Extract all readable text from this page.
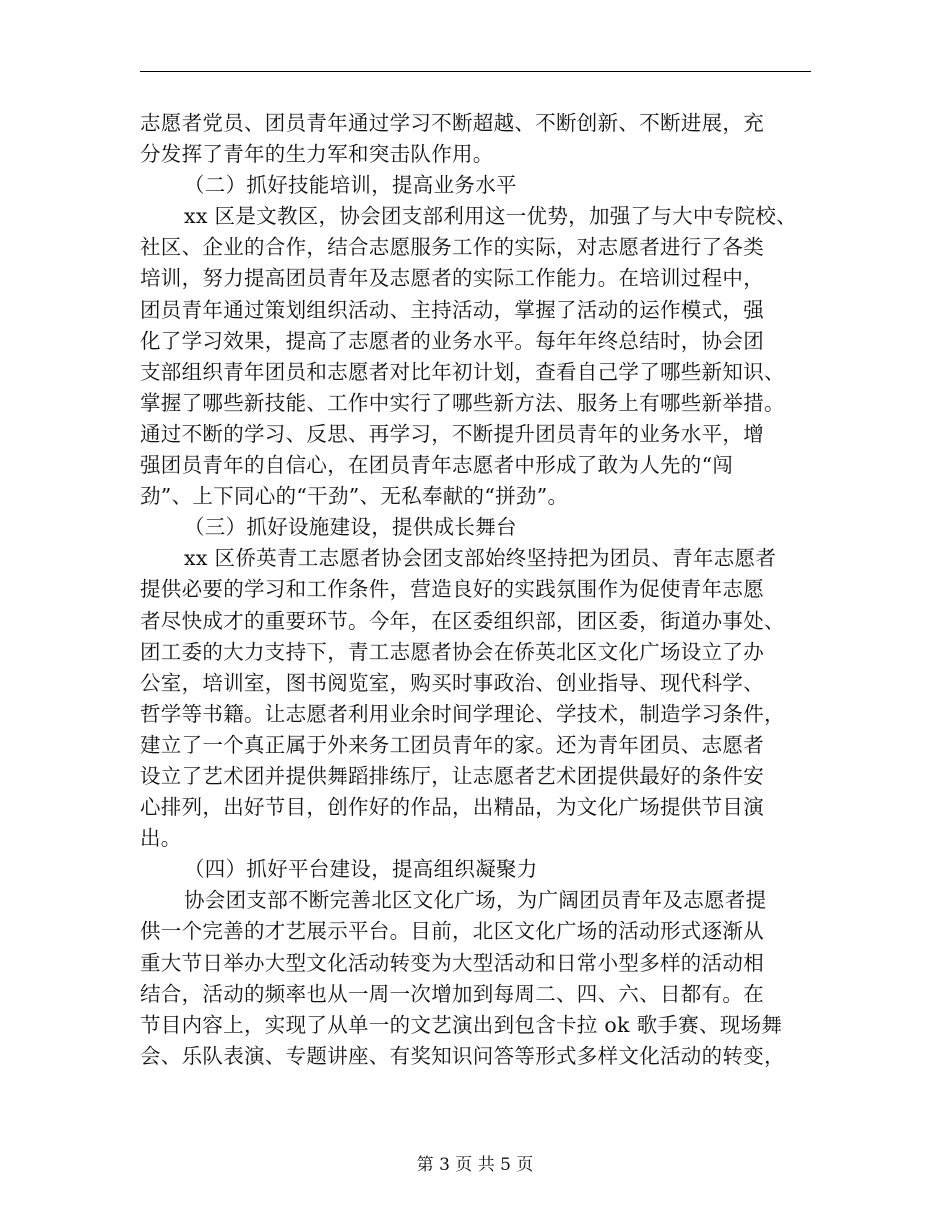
志愿者党员、团员青年通过学习不断超越、不断创新、不断进展，充
分发挥了青年的生力军和突击队作用。
（二）抓好技能培训，提高业务水平
xx 区是文教区，协会团支部利用这一优势，加强了与大中专院校、
社区、企业的合作，结合志愿服务工作的实际，对志愿者进行了各类
培训，努力提高团员青年及志愿者的实际工作能力。在培训过程中，
团员青年通过策划组织活动、主持活动，掌握了活动的运作模式，强
化了学习效果，提高了志愿者的业务水平。每年年终总结时，协会团
支部组织青年团员和志愿者对比年初计划，查看自己学了哪些新知识、
掌握了哪些新技能、工作中实行了哪些新方法、服务上有哪些新举措。
通过不断的学习、反思、再学习，不断提升团员青年的业务水平，增
强团员青年的自信心，在团员青年志愿者中形成了敢为人先的“闯
劲”、上下同心的“干劲”、无私奉献的“拼劲”。
（三）抓好设施建设，提供成长舞台
xx 区侨英青工志愿者协会团支部始终坚持把为团员、青年志愿者
提供必要的学习和工作条件，营造良好的实践氛围作为促使青年志愿
者尽快成才的重要环节。今年，在区委组织部，团区委，街道办事处、
团工委的大力支持下，青工志愿者协会在侨英北区文化广场设立了办
公室，培训室，图书阅览室，购买时事政治、创业指导、现代科学、
哲学等书籍。让志愿者利用业余时间学理论、学技术，制造学习条件，
建立了一个真正属于外来务工团员青年的家。还为青年团员、志愿者
设立了艺术团并提供舞蹈排练厅，让志愿者艺术团提供最好的条件安
心排列，出好节目，创作好的作品，出精品，为文化广场提供节目演
出。
（四）抓好平台建设，提高组织凝聚力
协会团支部不断完善北区文化广场，为广阔团员青年及志愿者提
供一个完善的才艺展示平台。目前，北区文化广场的活动形式逐渐从
重大节日举办大型文化活动转变为大型活动和日常小型多样的活动相
结合，活动的频率也从一周一次增加到每周二、四、六、日都有。在
节目内容上，实现了从单一的文艺演出到包含卡拉 ok 歌手赛、现场舞
会、乐队表演、专题讲座、有奖知识问答等形式多样文化活动的转变，
第 3 页 共 5 页
